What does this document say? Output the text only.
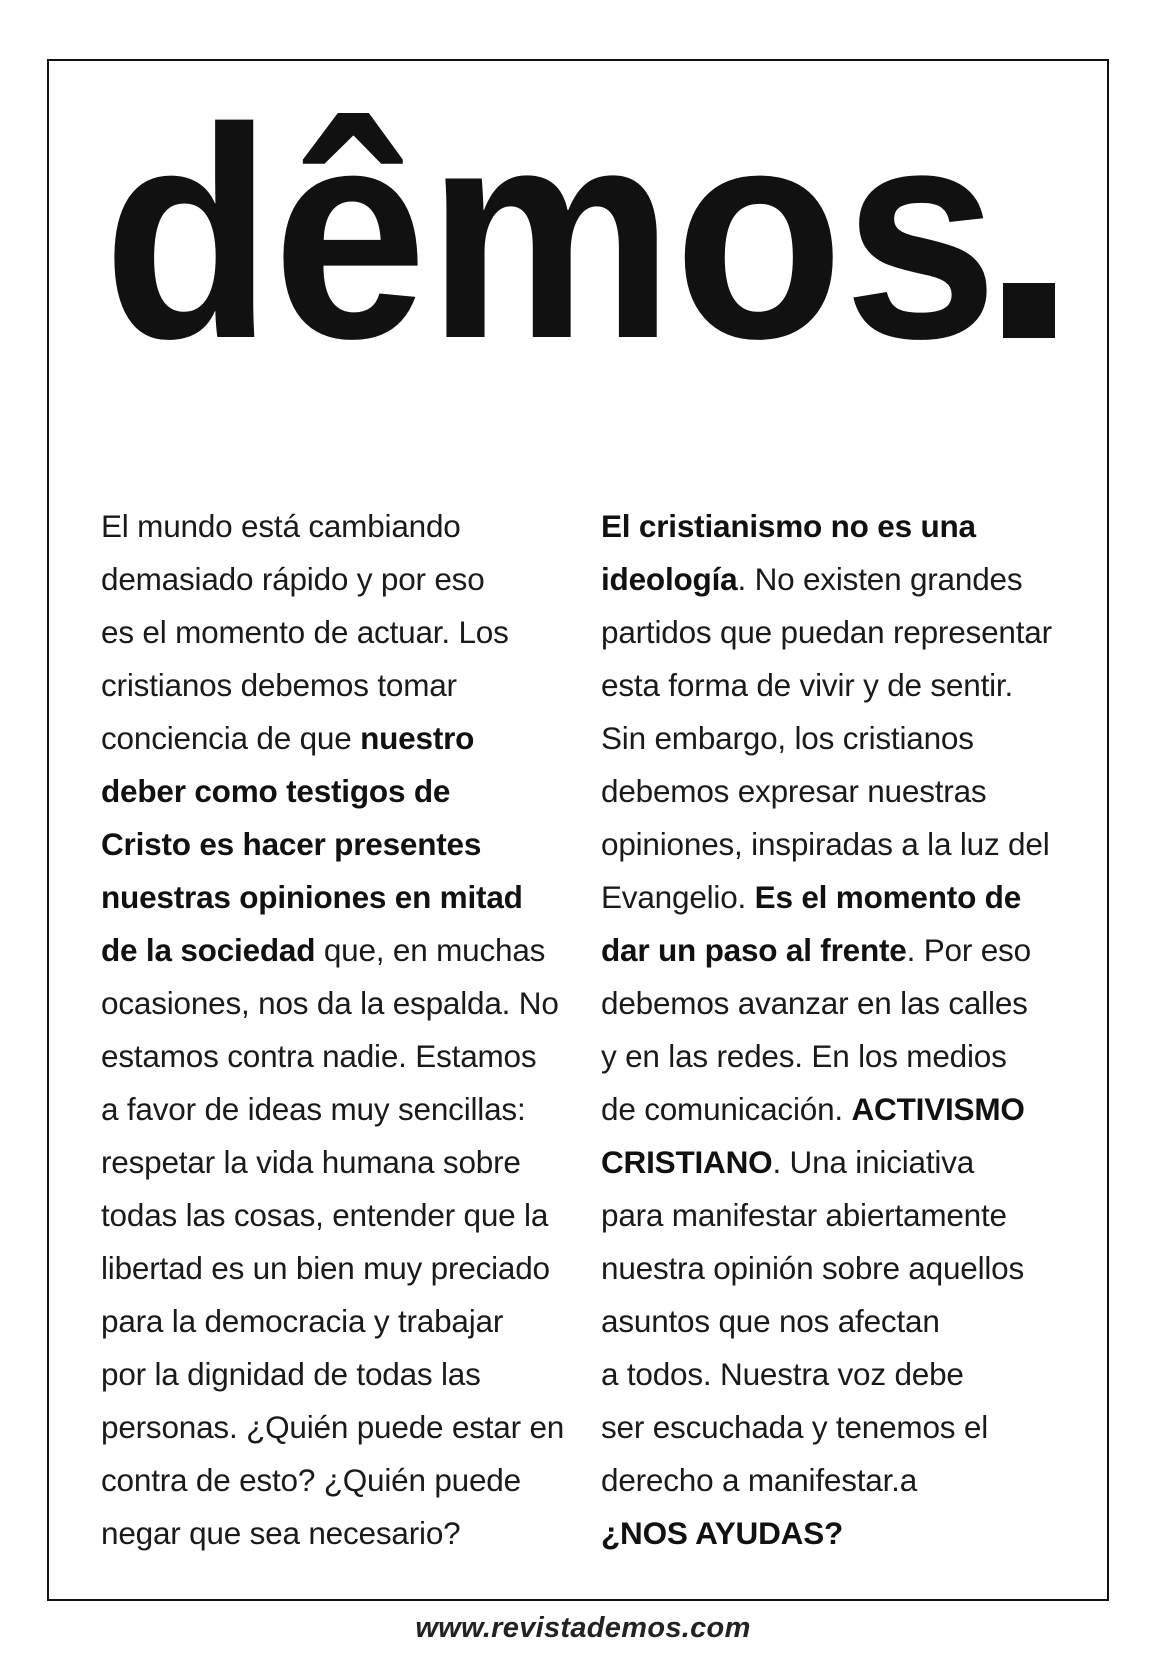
dêmos
El mundo está cambiando
demasiado rápido y por eso
es el momento de actuar. Los
cristianos debemos tomar
conciencia de que nuestro
deber como testigos de
Cristo es hacer presentes
nuestras opiniones en mitad
de la sociedad que, en muchas
ocasiones, nos da la espalda. No
estamos contra nadie. Estamos
a favor de ideas muy sencillas:
respetar la vida humana sobre
todas las cosas, entender que la
libertad es un bien muy preciado
para la democracia y trabajar
por la dignidad de todas las
personas. ¿Quién puede estar en
contra de esto? ¿Quién puede
negar que sea necesario?
El cristianismo no es una
ideología. No existen grandes
partidos que puedan representar
esta forma de vivir y de sentir.
Sin embargo, los cristianos
debemos expresar nuestras
opiniones, inspiradas a la luz del
Evangelio. Es el momento de
dar un paso al frente. Por eso
debemos avanzar en las calles
y en las redes. En los medios
de comunicación. ACTIVISMO
CRISTIANO. Una iniciativa
para manifestar abiertamente
nuestra opinión sobre aquellos
asuntos que nos afectan
a todos. Nuestra voz debe
ser escuchada y tenemos el
derecho a manifestar.a
¿NOS AYUDAS?
www.revistademos.com
